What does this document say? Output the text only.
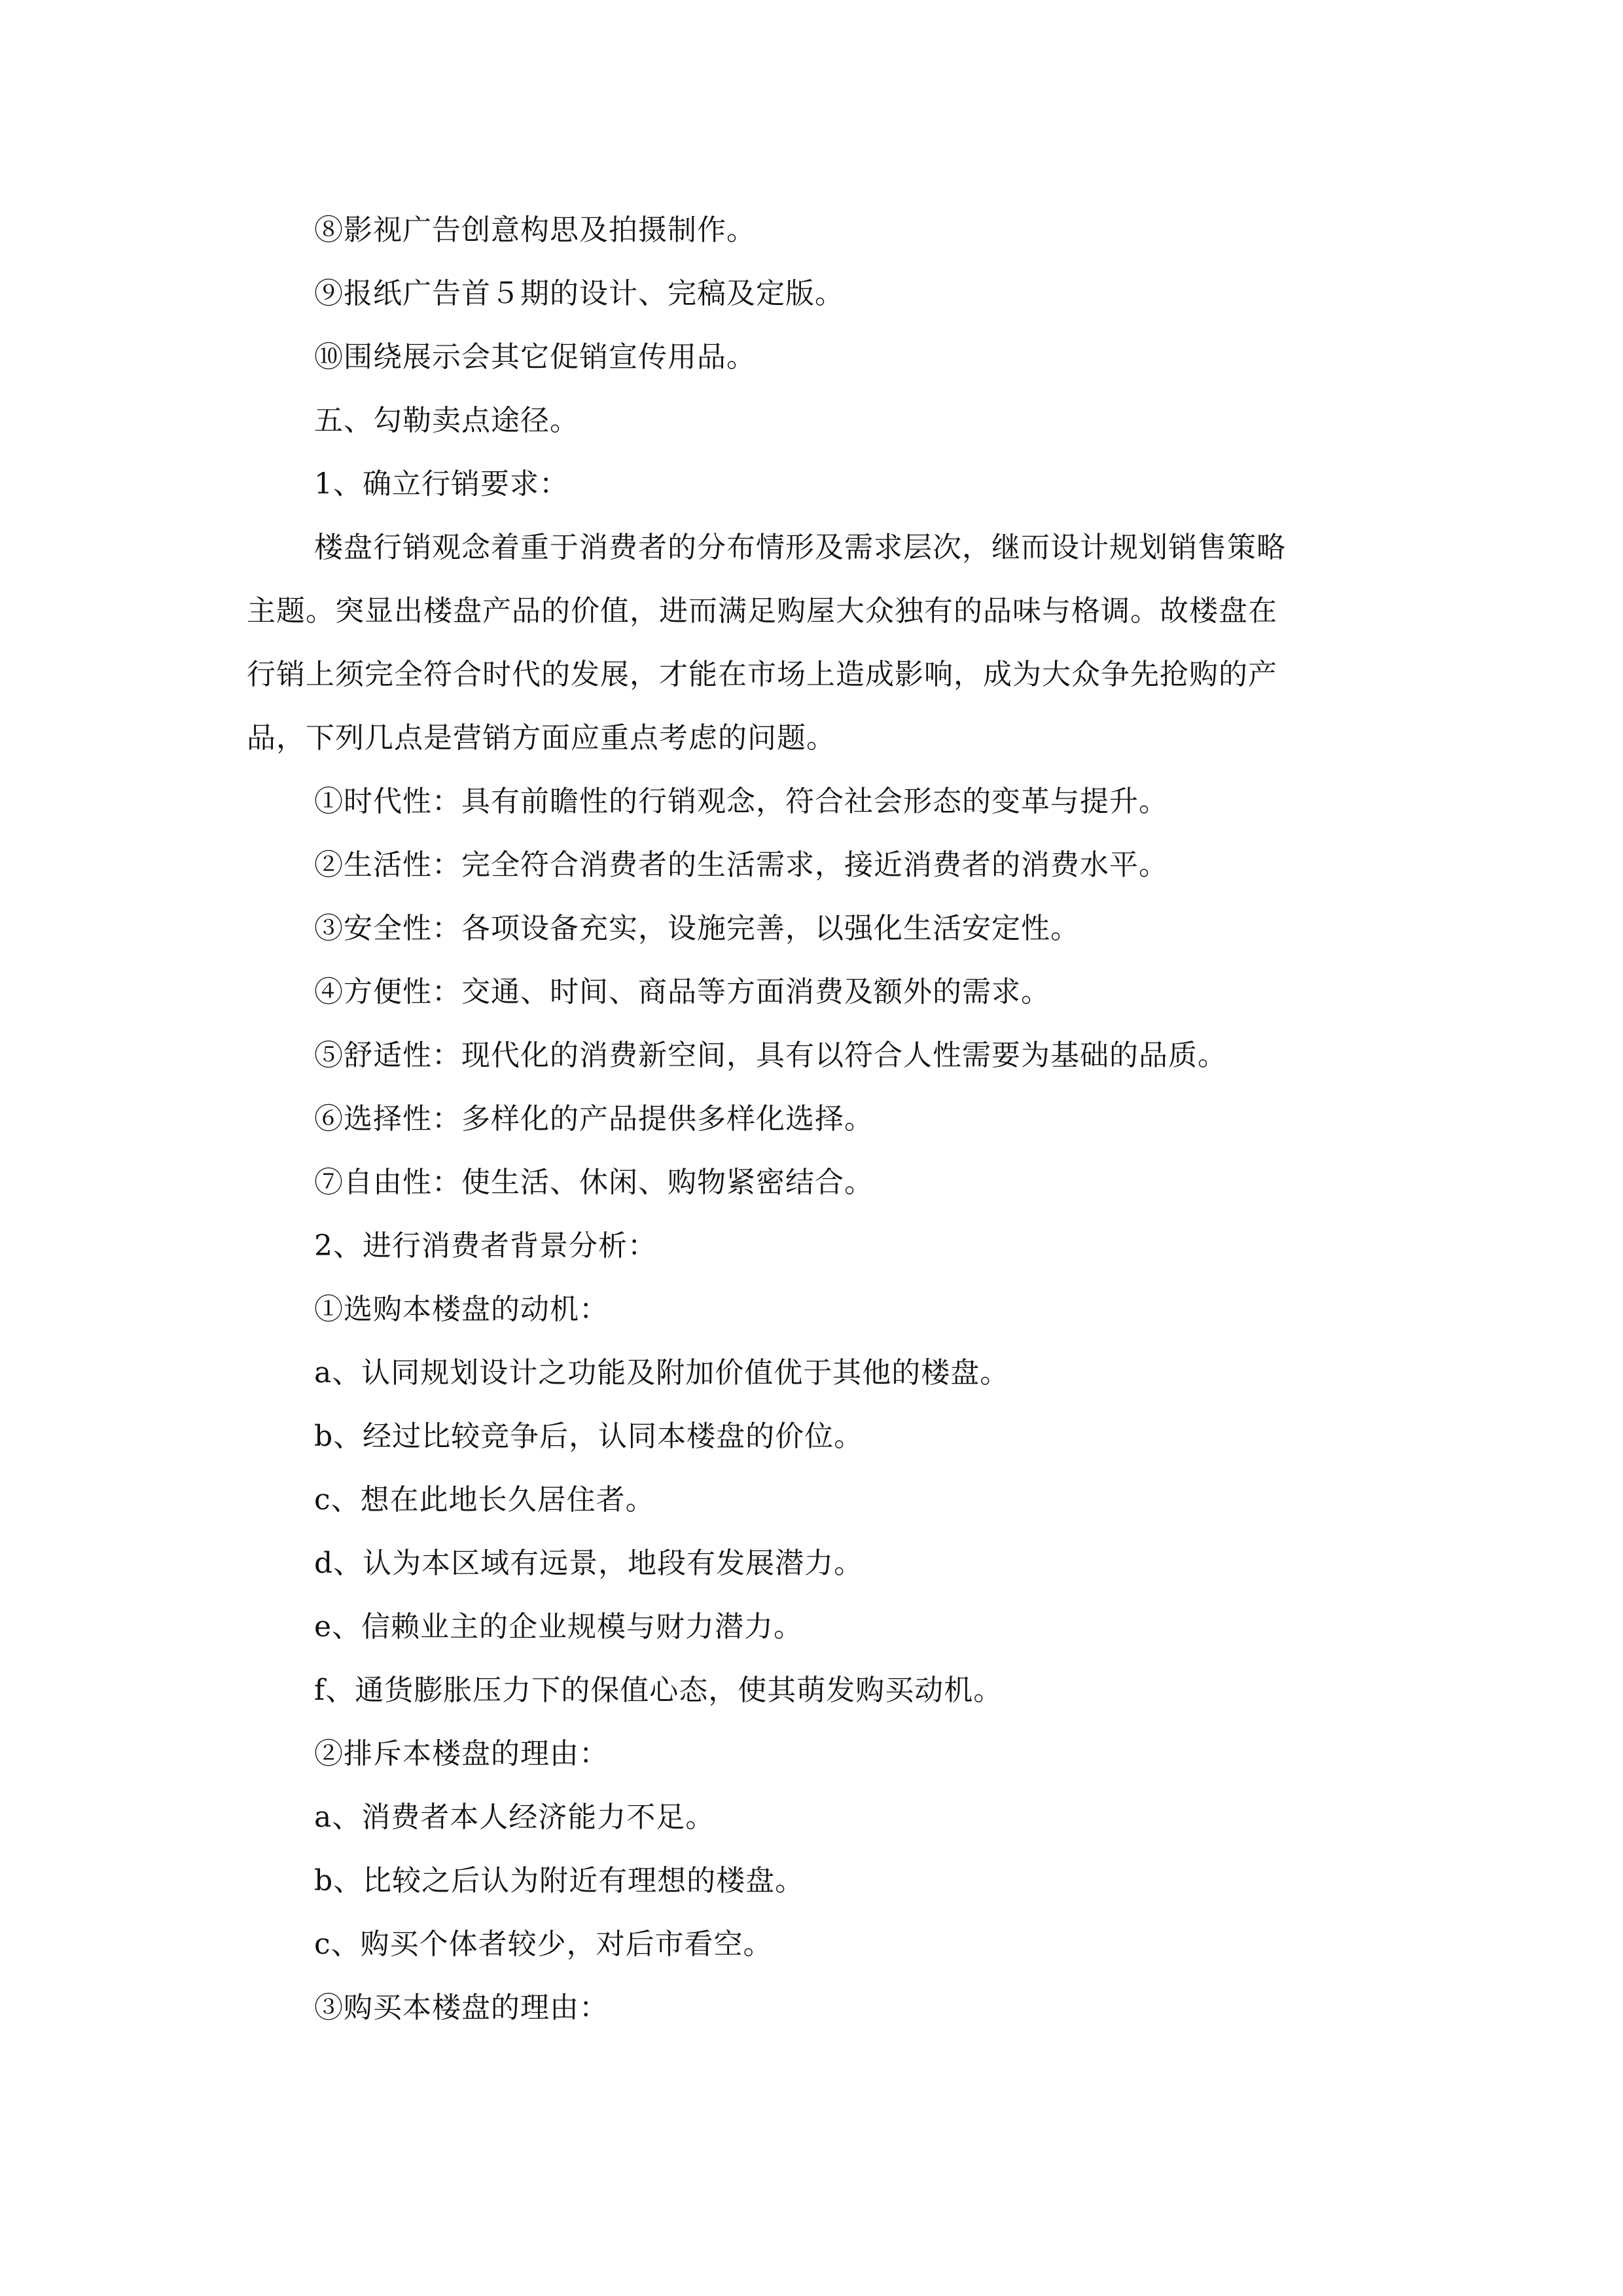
⑧影视广告创意构思及拍摄制作。
⑨报纸广告首５期的设计、完稿及定版。
⑩围绕展示会其它促销宣传用品。
五、勾勒卖点途径。
1、确立行销要求：
楼盘行销观念着重于消费者的分布情形及需求层次，继而设计规划销售策略
主题。突显出楼盘产品的价值，进而满足购屋大众独有的品味与格调。故楼盘在
行销上须完全符合时代的发展，才能在市场上造成影响，成为大众争先抢购的产
品，下列几点是营销方面应重点考虑的问题。
①时代性：具有前瞻性的行销观念，符合社会形态的变革与提升。
②生活性：完全符合消费者的生活需求，接近消费者的消费水平。
③安全性：各项设备充实，设施完善，以强化生活安定性。
④方便性：交通、时间、商品等方面消费及额外的需求。
⑤舒适性：现代化的消费新空间，具有以符合人性需要为基础的品质。
⑥选择性：多样化的产品提供多样化选择。
⑦自由性：使生活、休闲、购物紧密结合。
2、进行消费者背景分析：
①选购本楼盘的动机：
a、认同规划设计之功能及附加价值优于其他的楼盘。
b、经过比较竞争后，认同本楼盘的价位。
c、想在此地长久居住者。
d、认为本区域有远景，地段有发展潜力。
e、信赖业主的企业规模与财力潜力。
f、通货膨胀压力下的保值心态，使其萌发购买动机。
②排斥本楼盘的理由：
a、消费者本人经济能力不足。
b、比较之后认为附近有理想的楼盘。
c、购买个体者较少，对后市看空。
③购买本楼盘的理由：
